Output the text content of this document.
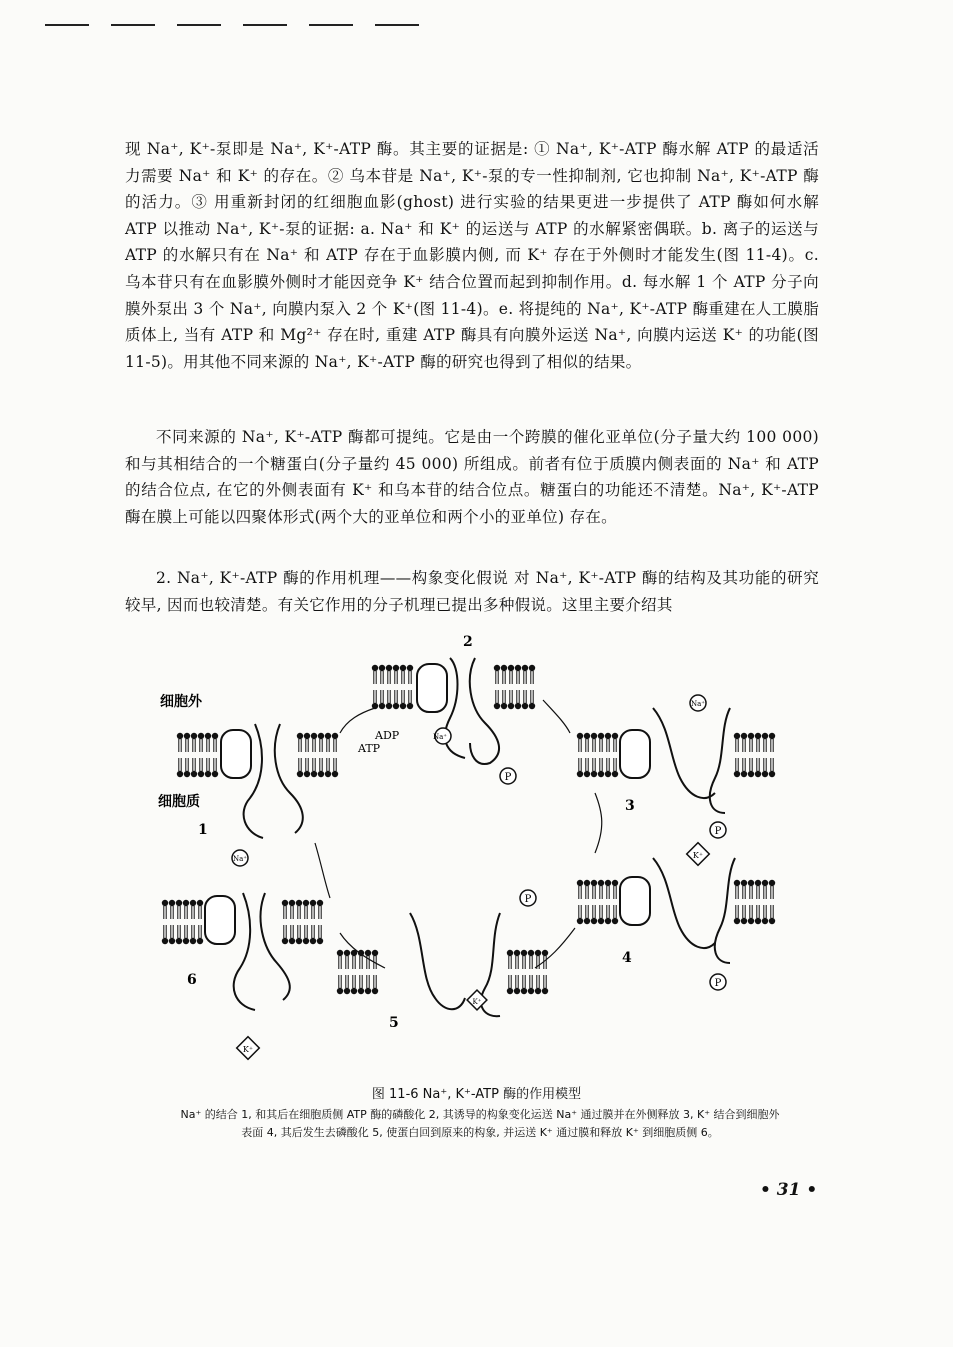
现 Na⁺, K⁺-泵即是 Na⁺, K⁺-ATP 酶。其主要的证据是: ① Na⁺, K⁺-ATP 酶水解 ATP 的最适活力需要 Na⁺ 和 K⁺ 的存在。② 乌本苷是 Na⁺, K⁺-泵的专一性抑制剂, 它也抑制 Na⁺, K⁺-ATP 酶的活力。③ 用重新封闭的红细胞血影(ghost) 进行实验的结果更进一步提供了 ATP 酶如何水解 ATP 以推动 Na⁺, K⁺-泵的证据: a. Na⁺ 和 K⁺ 的运送与 ATP 的水解紧密偶联。b. 离子的运送与 ATP 的水解只有在 Na⁺ 和 ATP 存在于血影膜内侧, 而 K⁺ 存在于外侧时才能发生(图 11-4)。c. 乌本苷只有在血影膜外侧时才能因竞争 K⁺ 结合位置而起到抑制作用。d. 每水解 1 个 ATP 分子向膜外泵出 3 个 Na⁺, 向膜内泵入 2 个 K⁺(图 11-4)。e. 将提纯的 Na⁺, K⁺-ATP 酶重建在人工膜脂质体上, 当有 ATP 和 Mg²⁺ 存在时, 重建 ATP 酶具有向膜外运送 Na⁺, 向膜内运送 K⁺ 的功能(图 11-5)。用其他不同来源的 Na⁺, K⁺-ATP 酶的研究也得到了相似的结果。

不同来源的 Na⁺, K⁺-ATP 酶都可提纯。它是由一个跨膜的催化亚单位(分子量大约 100 000) 和与其相结合的一个糖蛋白(分子量约 45 000) 所组成。前者有位于质膜内侧表面的 Na⁺ 和 ATP 的结合位点, 在它的外侧表面有 K⁺ 和乌本苷的结合位点。糖蛋白的功能还不清楚。Na⁺, K⁺-ATP 酶在膜上可能以四聚体形式(两个大的亚单位和两个小的亚单位) 存在。

2. Na⁺, K⁺-ATP 酶的作用机理——构象变化假说 对 Na⁺, K⁺-ATP 酶的结构及其功能的研究较早, 因而也较清楚。有关它作用的分子机理已提出多种假说。这里主要介绍其

细胞外
细胞质
ADP
ATP
Na⁺
Na⁺
Na⁺
P
P
P
P
K⁺
K⁺
K⁺
1
2
3
4
5
6
图 11-6 Na⁺, K⁺-ATP 酶的作用模型
Na⁺ 的结合 1, 和其后在细胞质侧 ATP 酶的磷酸化 2, 其诱导的构象变化运送 Na⁺ 通过膜并在外侧释放 3, K⁺ 结合到细胞外表面 4, 其后发生去磷酸化 5, 使蛋白回到原来的构象, 并运送 K⁺ 通过膜和释放 K⁺ 到细胞质侧 6。
• 31 •
